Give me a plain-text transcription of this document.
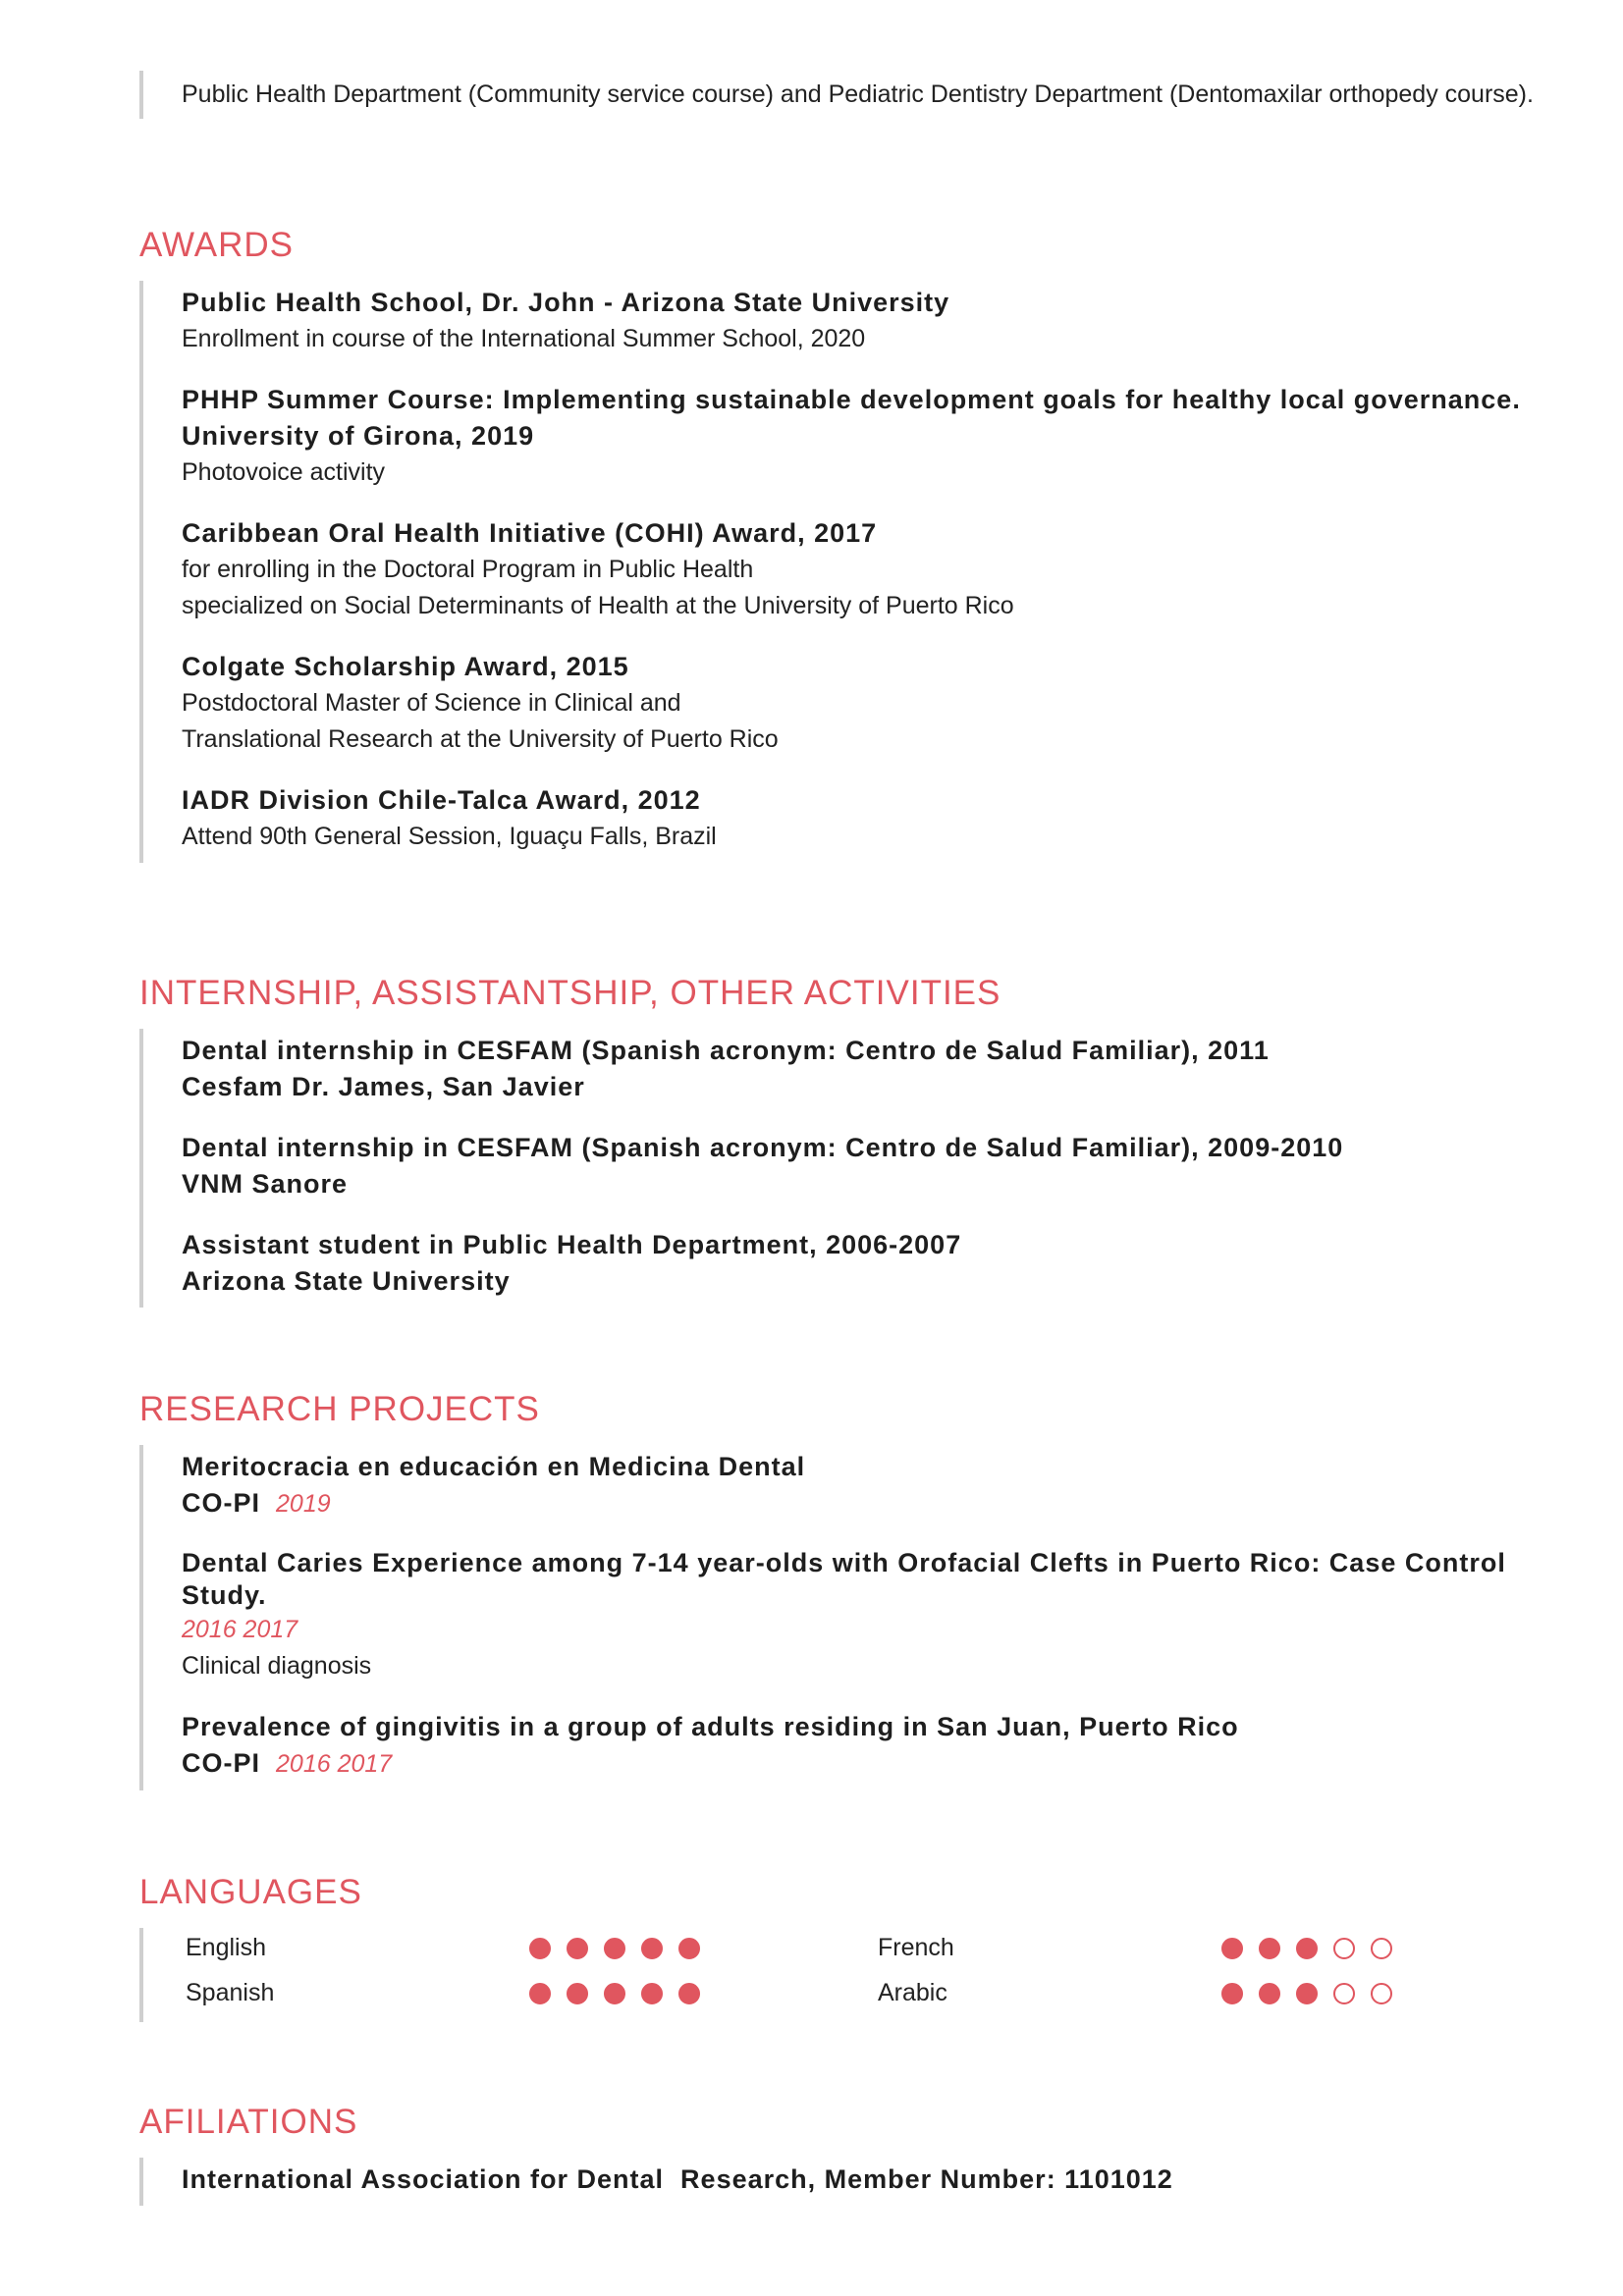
Public Health Department (Community service course) and Pediatric Dentistry Department (Dentomaxilar orthopedy course).
AWARDS
Public Health School, Dr. John - Arizona State University
Enrollment in course of the International Summer School, 2020
PHHP Summer Course: Implementing sustainable development goals for healthy local governance. University of Girona, 2019
Photovoice activity
Caribbean Oral Health Initiative (COHI) Award, 2017
for enrolling in the Doctoral Program in Public Health
specialized on Social Determinants of Health at the University of Puerto Rico
Colgate Scholarship Award, 2015
Postdoctoral Master of Science in Clinical and
Translational Research at the University of Puerto Rico
IADR Division Chile-Talca Award, 2012
Attend 90th General Session, Iguaçu Falls, Brazil
INTERNSHIP, ASSISTANTSHIP, OTHER ACTIVITIES
Dental internship in CESFAM (Spanish acronym: Centro de Salud Familiar), 2011
Cesfam Dr. James, San Javier
Dental internship in CESFAM (Spanish acronym: Centro de Salud Familiar), 2009-2010
VNM Sanore
Assistant student in Public Health Department, 2006-2007
Arizona State University
RESEARCH PROJECTS
Meritocracia en educación en Medicina Dental
CO-PI 2019
Dental Caries Experience among 7-14 year-olds with Orofacial Clefts in Puerto Rico: Case Control Study.
2016 2017
Clinical diagnosis
Prevalence of gingivitis in a group of adults residing in San Juan, Puerto Rico
CO-PI 2016 2017
LANGUAGES
English	French
Spanish	Arabic
AFILIATIONS
International Association for Dental  Research, Member Number: 1101012
